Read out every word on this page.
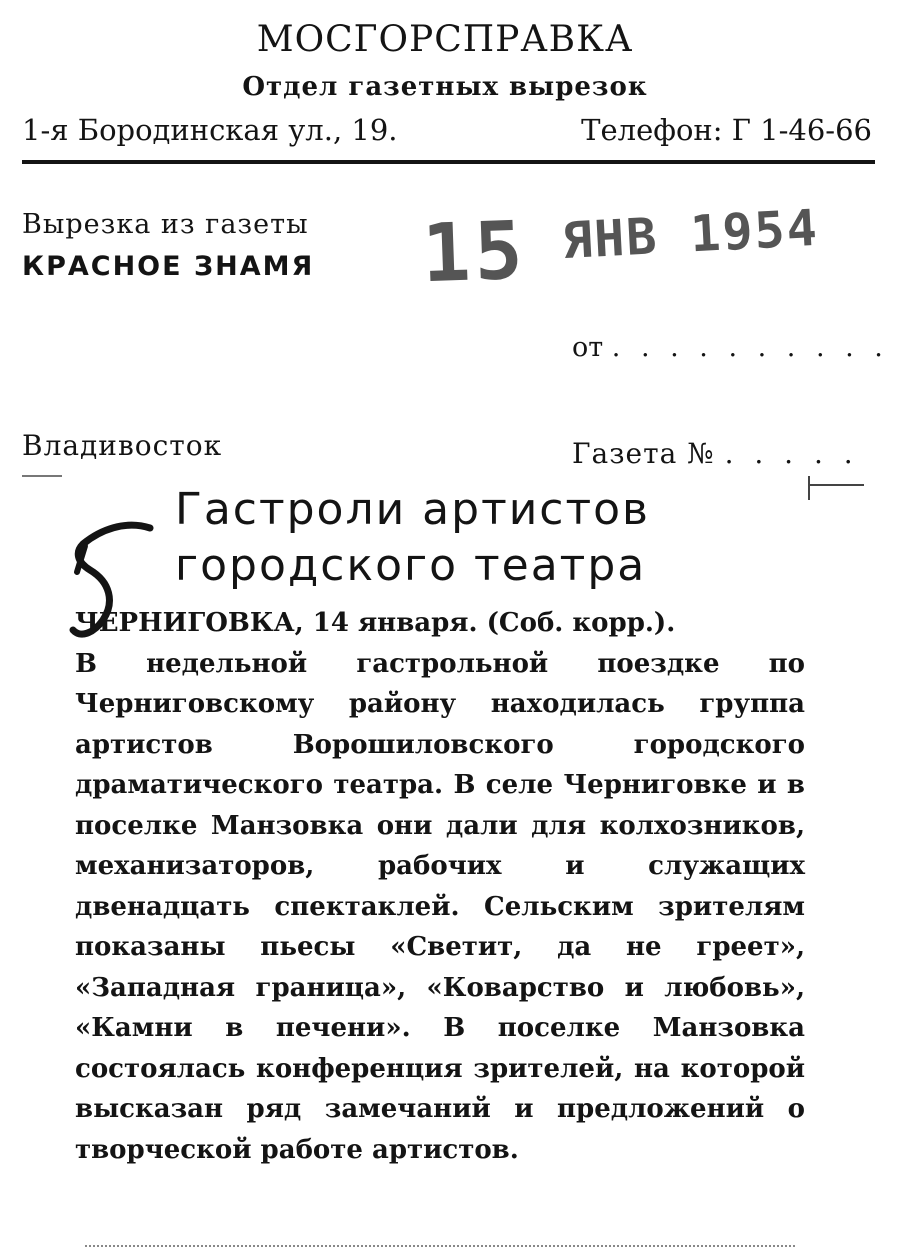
МОСГОРСПРАВКА
Отдел газетных вырезок
1-я Бородинская ул., 19.	Телефон: Г 1-46-66
Вырезка из газеты
КРАСНОЕ ЗНАМЯ 15 ЯНВ 1954
от . . . . . . . . . .
Владивосток	Газета № . . . . .
Гастроли артистов
городского театра
ЧЕРНИГОВКА, 14 января. (Соб. корр.).
В недельной гастрольной поездке по Черниговскому району находилась группа артистов Ворошиловского городского драматического театра. В селе Черниговке и в поселке Манзовка они дали для колхозников, механизаторов, рабочих и служащих двенадцать спектаклей. Сельским зрителям показаны пьесы «Светит, да не греет», «Западная граница», «Коварство и любовь», «Камни в печени». В поселке Манзовка состоялась конференция зрителей, на которой высказан ряд замечаний и предложений о творческой работе артистов.
